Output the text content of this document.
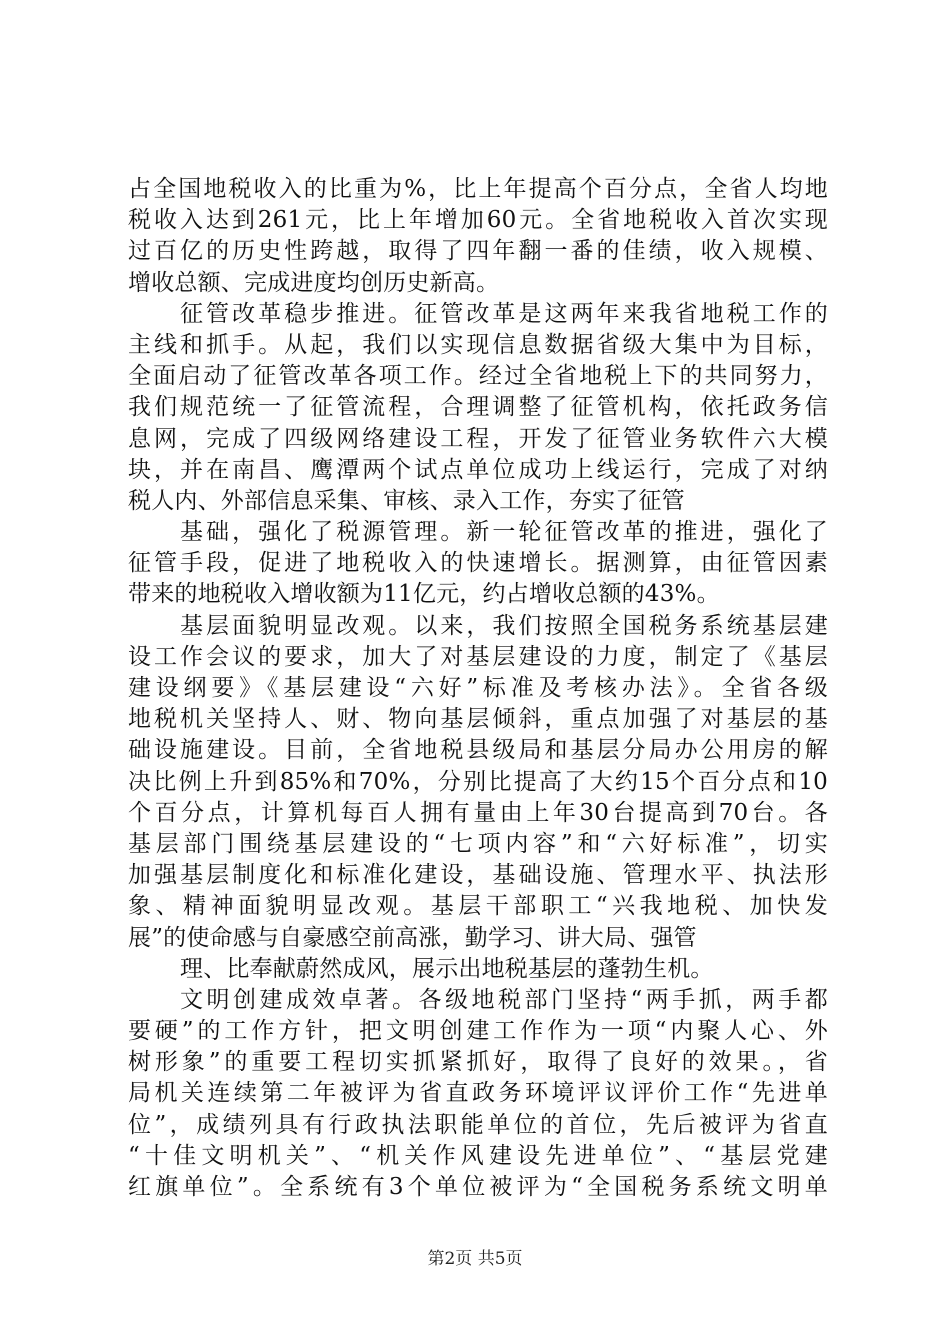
占全国地税收入的比重为%，比上年提高个百分点，全省人均地
税收入达到261元，比上年增加60元。全省地税收入首次实现
过百亿的历史性跨越，取得了四年翻一番的佳绩，收入规模、
增收总额、完成进度均创历史新高。
征管改革稳步推进。征管改革是这两年来我省地税工作的
主线和抓手。从起，我们以实现信息数据省级大集中为目标，
全面启动了征管改革各项工作。经过全省地税上下的共同努力，
我们规范统一了征管流程，合理调整了征管机构，依托政务信
息网，完成了四级网络建设工程，开发了征管业务软件六大模
块，并在南昌、鹰潭两个试点单位成功上线运行，完成了对纳
税人内、外部信息采集、审核、录入工作，夯实了征管
基础，强化了税源管理。新一轮征管改革的推进，强化了
征管手段，促进了地税收入的快速增长。据测算，由征管因素
带来的地税收入增收额为11亿元，约占增收总额的43%。
基层面貌明显改观。以来，我们按照全国税务系统基层建
设工作会议的要求，加大了对基层建设的力度，制定了《基层
建设纲要》《基层建设“六好”标准及考核办法》。全省各级
地税机关坚持人、财、物向基层倾斜，重点加强了对基层的基
础设施建设。目前，全省地税县级局和基层分局办公用房的解
决比例上升到85%和70%，分别比提高了大约15个百分点和10
个百分点，计算机每百人拥有量由上年30台提高到70台。各
基层部门围绕基层建设的“七项内容”和“六好标准”，切实
加强基层制度化和标准化建设，基础设施、管理水平、执法形
象、精神面貌明显改观。基层干部职工“兴我地税、加快发
展”的使命感与自豪感空前高涨，勤学习、讲大局、强管
理、比奉献蔚然成风，展示出地税基层的蓬勃生机。
文明创建成效卓著。各级地税部门坚持“两手抓，两手都
要硬”的工作方针，把文明创建工作作为一项“内聚人心、外
树形象”的重要工程切实抓紧抓好，取得了良好的效果。，省
局机关连续第二年被评为省直政务环境评议评价工作“先进单
位”，成绩列具有行政执法职能单位的首位，先后被评为省直
“十佳文明机关”、“机关作风建设先进单位”、“基层党建
红旗单位”。全系统有3个单位被评为“全国税务系统文明单
第2页 共5页
